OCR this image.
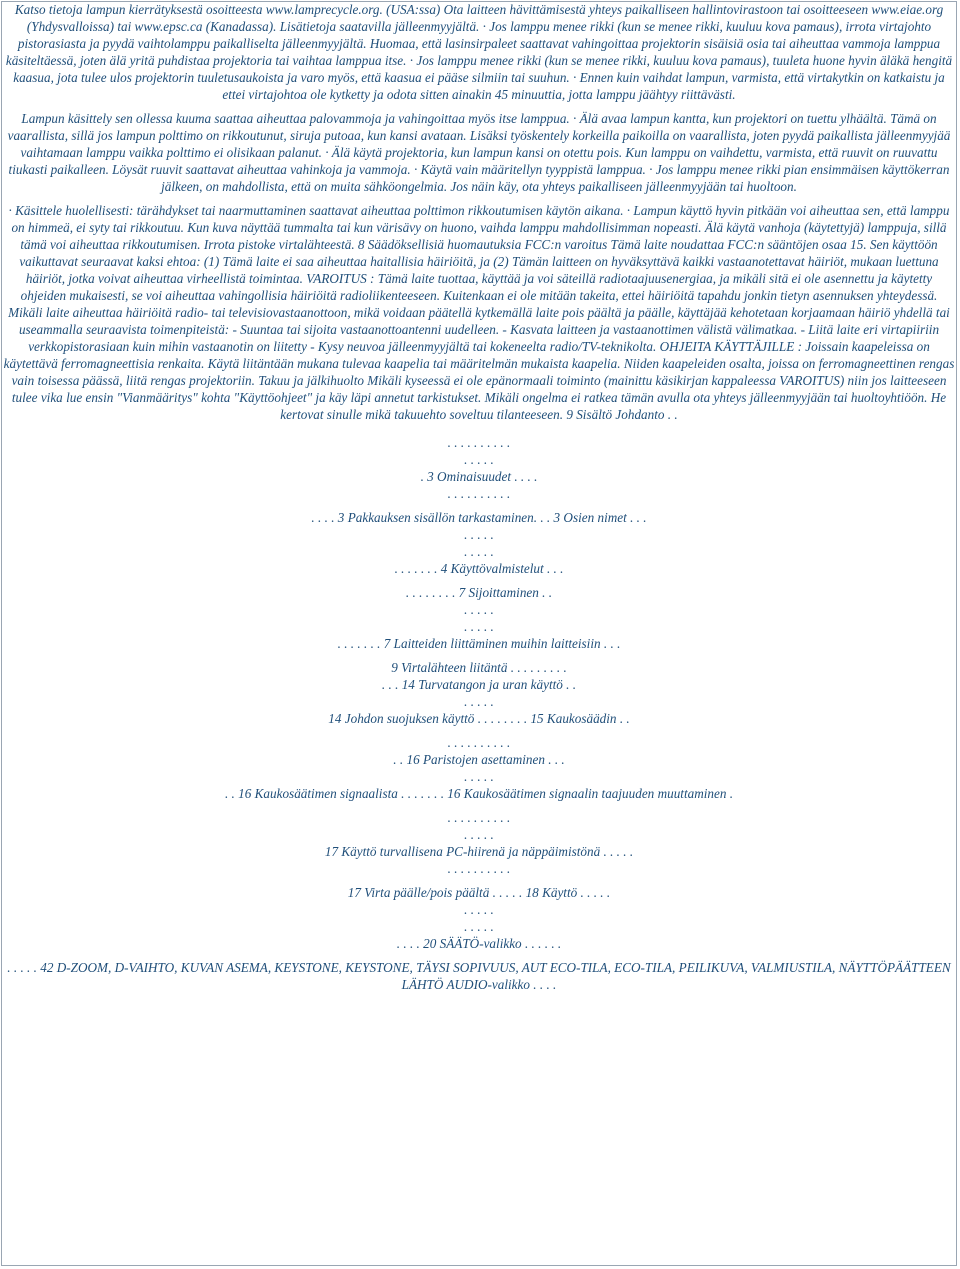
Katso tietoja lampun kierrätyksestä osoitteesta www.lamprecycle.org. (USA:ssa) Ota laitteen hävittämisestä yhteys paikalliseen hallintovirastoon tai osoitteeseen www.eiae.org (Yhdysvalloissa) tai www.epsc.ca (Kanadassa). Lisätietoja saatavilla jälleenmyyjältä. · Jos lamppu menee rikki (kun se menee rikki, kuuluu kova pamaus), irrota virtajohto pistorasiasta ja pyydä vaihtolamppu paikalliselta jälleenmyyjältä. Huomaa, että lasinsirpaleet saattavat vahingoittaa projektorin sisäisiä osia tai aiheuttaa vammoja lamppua käsiteltäessä, joten älä yritä puhdistaa projektoria tai vaihtaa lamppua itse. · Jos lamppu menee rikki (kun se menee rikki, kuuluu kova pamaus), tuuleta huone hyvin äläkä hengitä kaasua, jota tulee ulos projektorin tuuletusaukoista ja varo myös, että kaasua ei pääse silmiin tai suuhun. · Ennen kuin vaihdat lampun, varmista, että virtakytkin on katkaistu ja ettei virtajohtoa ole kytketty ja odota sitten ainakin 45 minuuttia, jotta lamppu jäähtyy riittävästi.

Lampun käsittely sen ollessa kuuma saattaa aiheuttaa palovammoja ja vahingoittaa myös itse lamppua. · Älä avaa lampun kantta, kun projektori on tuettu ylhäältä. Tämä on vaarallista, sillä jos lampun polttimo on rikkoutunut, siruja putoaa, kun kansi avataan. Lisäksi työskentely korkeilla paikoilla on vaarallista, joten pyydä paikallista jälleenmyyjää vaihtamaan lamppu vaikka polttimo ei olisikaan palanut. · Älä käytä projektoria, kun lampun kansi on otettu pois. Kun lamppu on vaihdettu, varmista, että ruuvit on ruuvattu tiukasti paikalleen. Löysät ruuvit saattavat aiheuttaa vahinkoja ja vammoja. · Käytä vain määritellyn tyyppistä lamppua. · Jos lamppu menee rikki pian ensimmäisen käyttökerran jälkeen, on mahdollista, että on muita sähköongelmia. Jos näin käy, ota yhteys paikalliseen jälleenmyyjään tai huoltoon.

· Käsittele huolellisesti: tärähdykset tai naarmuttaminen saattavat aiheuttaa polttimon rikkoutumisen käytön aikana. · Lampun käyttö hyvin pitkään voi aiheuttaa sen, että lamppu on himmeä, ei syty tai rikkoutuu. Kun kuva näyttää tummalta tai kun värisävy on huono, vaihda lamppu mahdollisimman nopeasti. Älä käytä vanhoja (käytettyjä) lamppuja, sillä tämä voi aiheuttaa rikkoutumisen. Irrota pistoke virtalähteestä. 8 Säädöksellisiä huomautuksia FCC:n varoitus Tämä laite noudattaa FCC:n sääntöjen osaa 15. Sen käyttöön vaikuttavat seuraavat kaksi ehtoa: (1) Tämä laite ei saa aiheuttaa haitallisia häiriöitä, ja (2) Tämän laitteen on hyväksyttävä kaikki vastaanotettavat häiriöt, mukaan luettuna häiriöt, jotka voivat aiheuttaa virheellistä toimintaa. VAROITUS : Tämä laite tuottaa, käyttää ja voi säteillä radiotaajuusenergiaa, ja mikäli sitä ei ole asennettu ja käytetty ohjeiden mukaisesti, se voi aiheuttaa vahingollisia häiriöitä radioliikenteeseen. Kuitenkaan ei ole mitään takeita, ettei häiriöitä tapahdu jonkin tietyn asennuksen yhteydessä. Mikäli laite aiheuttaa häiriöitä radio- tai televisiovastaanottoon, mikä voidaan päätellä kytkemällä laite pois päältä ja päälle, käyttäjää kehotetaan korjaamaan häiriö yhdellä tai useammalla seuraavista toimenpiteistä: - Suuntaa tai sijoita vastaanottoantenni uudelleen. - Kasvata laitteen ja vastaanottimen välistä välimatkaa. - Liitä laite eri virtapiiriin verkkopistorasiaan kuin mihin vastaanotin on liitetty - Kysy neuvoa jälleenmyyjältä tai kokeneelta radio/TV-teknikolta. OHJEITA KÄYTTÄJILLE : Joissain kaapeleissa on käytettävä ferromagneettisia renkaita. Käytä liitäntään mukana tulevaa kaapelia tai määritelmän mukaista kaapelia. Niiden kaapeleiden osalta, joissa on ferromagneettinen rengas vain toisessa päässä, liitä rengas projektoriin. Takuu ja jälkihuolto Mikäli kyseessä ei ole epänormaali toiminto (mainittu käsikirjan kappaleessa VAROITUS) niin jos laitteeseen tulee vika lue ensin "Vianmääritys" kohta "Käyttöohjeet" ja käy läpi annetut tarkistukset. Mikäli ongelma ei ratkea tämän avulla ota yhteys jälleenmyyjään tai huoltoyhtiöön. He kertovat sinulle mikä takuuehto soveltuu tilanteeseen. 9 Sisältö Johdanto . .

. . . . . . . . . .

. . . . .

. 3 Ominaisuudet . . . .

. . . . . . . . . .

. . . . 3 Pakkauksen sisällön tarkastaminen. . . 3 Osien nimet . . .

. . . . .

. . . . .

. . . . . . . 4 Käyttövalmistelut . . .

. . . . . . . . 7 Sijoittaminen . .

. . . . .

. . . . .

. . . . . . . 7 Laitteiden liittäminen muihin laitteisiin . . .

9 Virtalähteen liitäntä . . . . . . . . .

. . . 14 Turvatangon ja uran käyttö . .

. . . . .

14 Johdon suojuksen käyttö . . . . . . . . 15 Kaukosäädin . .

. . . . . . . . . .

. . 16 Paristojen asettaminen . . .

. . . . .

. . 16 Kaukosäätimen signaalista . . . . . . . 16 Kaukosäätimen signaalin taajuuden muuttaminen .

. . . . . . . . . .

. . . . .

17 Käyttö turvallisena PC-hiirenä ja näppäimistönä . . . . .

. . . . . . . . . .

17 Virta päälle/pois päältä . . . . . 18 Käyttö . . . . .

. . . . .

. . . . .

. . . . 20 SÄÄTÖ-valikko . . . . . .

. . . . . 42 D-ZOOM, D-VAIHTO, KUVAN ASEMA, KEYSTONE, KEYSTONE, TÄYSI SOPIVUUS, AUT ECO-TILA, ECO-TILA, PEILIKUVA, VALMIUSTILA, NÄYTTÖPÄÄTTEEN LÄHTÖ AUDIO-valikko . . . .
